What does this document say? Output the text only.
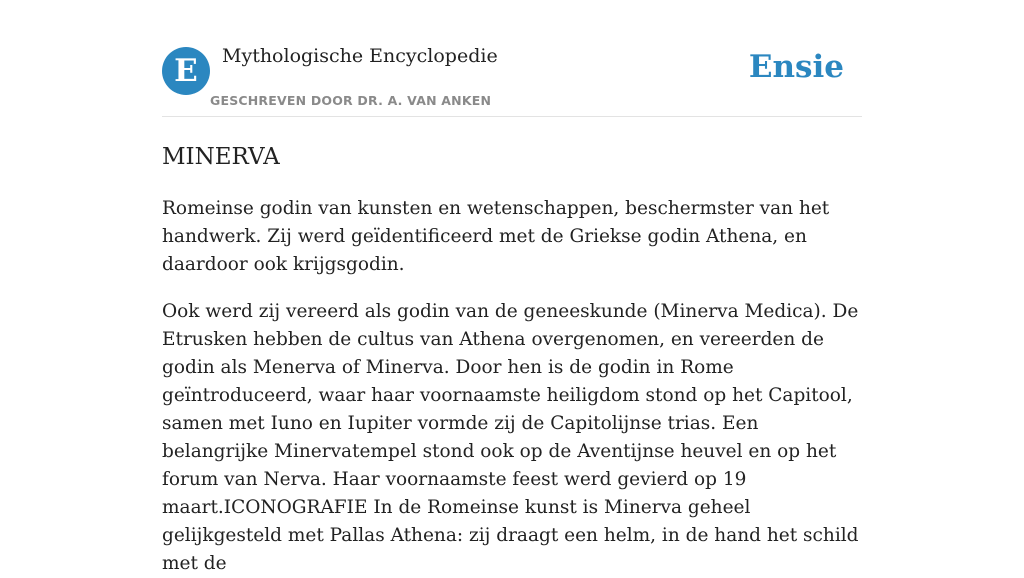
E	Mythologische Encyclopedie
GESCHREVEN DOOR DR. A. VAN ANKEN
Ensie
MINERVA

Romeinse godin van kunsten en wetenschappen, beschermster van het handwerk. Zij werd geïdentificeerd met de Griekse godin Athena, en daardoor ook krijgsgodin.

Ook werd zij vereerd als godin van de geneeskunde (Minerva Medica). De Etrusken hebben de cultus van Athena overgenomen, en vereerden de godin als Menerva of Minerva. Door hen is de godin in Rome geïntroduceerd, waar haar voornaamste heiligdom stond op het Capitool, samen met Iuno en Iupiter vormde zij de Capitolijnse trias. Een belangrijke Minervatempel stond ook op de Aventijnse heuvel en op het forum van Nerva. Haar voornaamste feest werd gevierd op 19 maart.ICONOGRAFIE In de Romeinse kunst is Minerva geheel gelijkgesteld met Pallas Athena: zij draagt een helm, in de hand het schild met de
